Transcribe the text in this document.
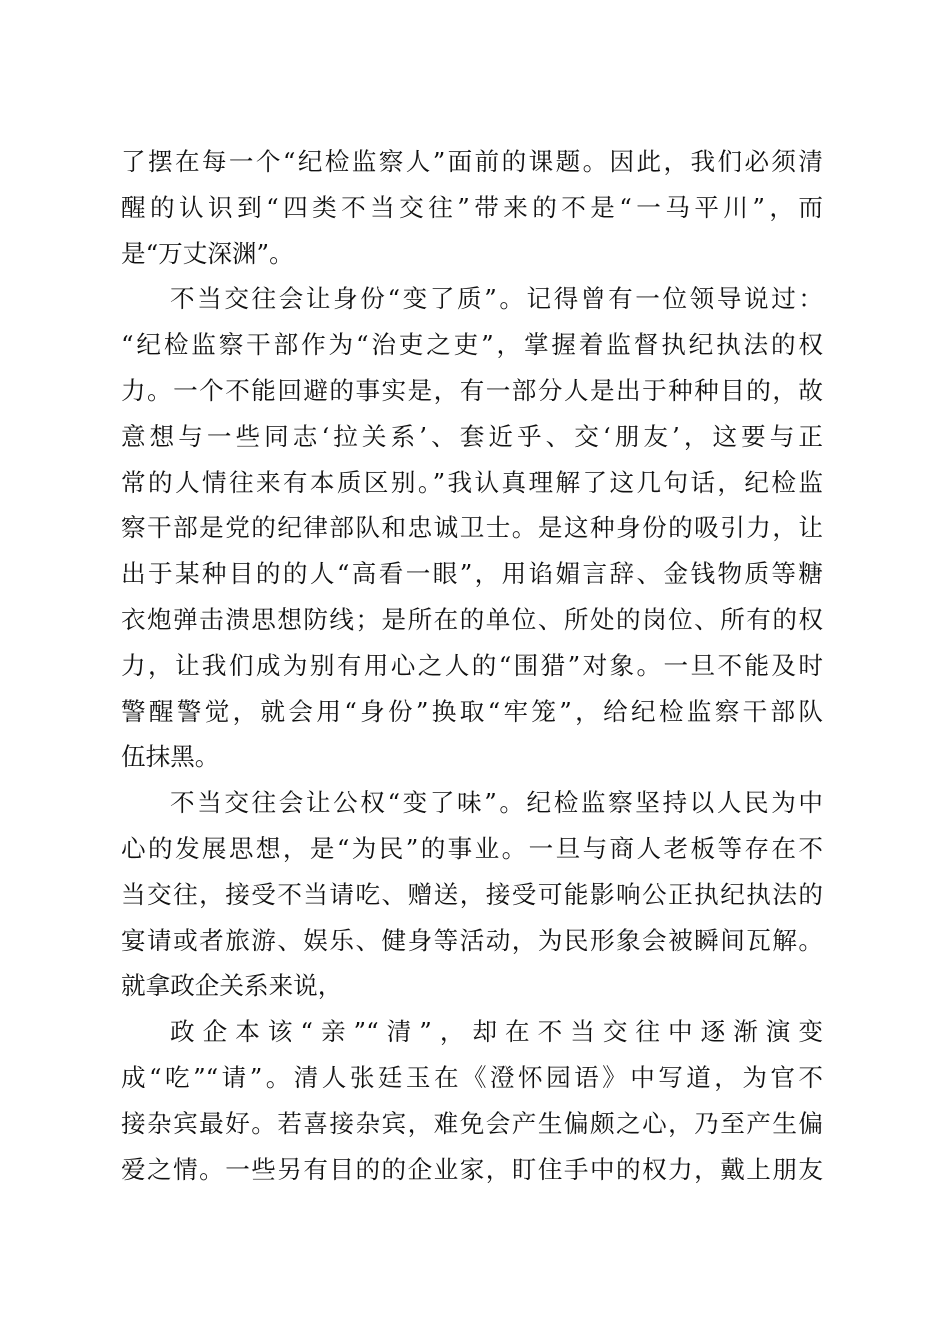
了摆在每一个“纪检监察人”面前的课题。因此，我们必须清
醒的认识到“四类不当交往”带来的不是“一马平川”，而
是“万丈深渊”。
不当交往会让身份“变了质”。记得曾有一位领导说过：
“纪检监察干部作为“治吏之吏”，掌握着监督执纪执法的权
力。一个不能回避的事实是，有一部分人是出于种种目的，故
意想与一些同志‘拉关系’、套近乎、交‘朋友’，这要与正
常的人情往来有本质区别。”我认真理解了这几句话，纪检监
察干部是党的纪律部队和忠诚卫士。是这种身份的吸引力，让
出于某种目的的人“高看一眼”，用谄媚言辞、金钱物质等糖
衣炮弹击溃思想防线；是所在的单位、所处的岗位、所有的权
力，让我们成为别有用心之人的“围猎”对象。一旦不能及时
警醒警觉，就会用“身份”换取“牢笼”，给纪检监察干部队
伍抹黑。
不当交往会让公权“变了味”。纪检监察坚持以人民为中
心的发展思想，是“为民”的事业。一旦与商人老板等存在不
当交往，接受不当请吃、赠送，接受可能影响公正执纪执法的
宴请或者旅游、娱乐、健身等活动，为民形象会被瞬间瓦解。
就拿政企关系来说，
政企本该“亲”“清”，却在不当交往中逐渐演变
成“吃”“请”。清人张廷玉在《澄怀园语》中写道，为官不
接杂宾最好。若喜接杂宾，难免会产生偏颇之心，乃至产生偏
爱之情。一些另有目的的企业家，盯住手中的权力，戴上朋友
